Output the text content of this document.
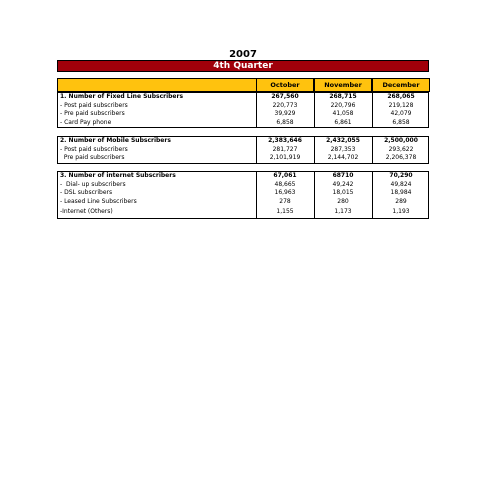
2007
4th Quarter
October	November	December
1. Number of Fixed Line Subscribers	267,560	268,715	268,065
- Post paid subscribers	220,773	220,796	219,128
- Pre paid subscribers	39,929	41,058	42,079
- Card Pay phone	6,858	6,861	6,858
2. Number of Mobile Subscribers	2,383,646	2,432,055	2,500,000
- Post paid subscribers	281,727	287,353	293,622
Pre paid subscribers	2,101,919	2,144,702	2,206,378
3. Number of internet Subscribers	67,061	68710	70,290
-  Dial- up subscribers	48,665	49,242	49,824
- DSL subscribers	16,963	18,015	18,984
- Leased Line Subscribers	278	280	289
-Internet (Others)	1,155	1,173	1,193
